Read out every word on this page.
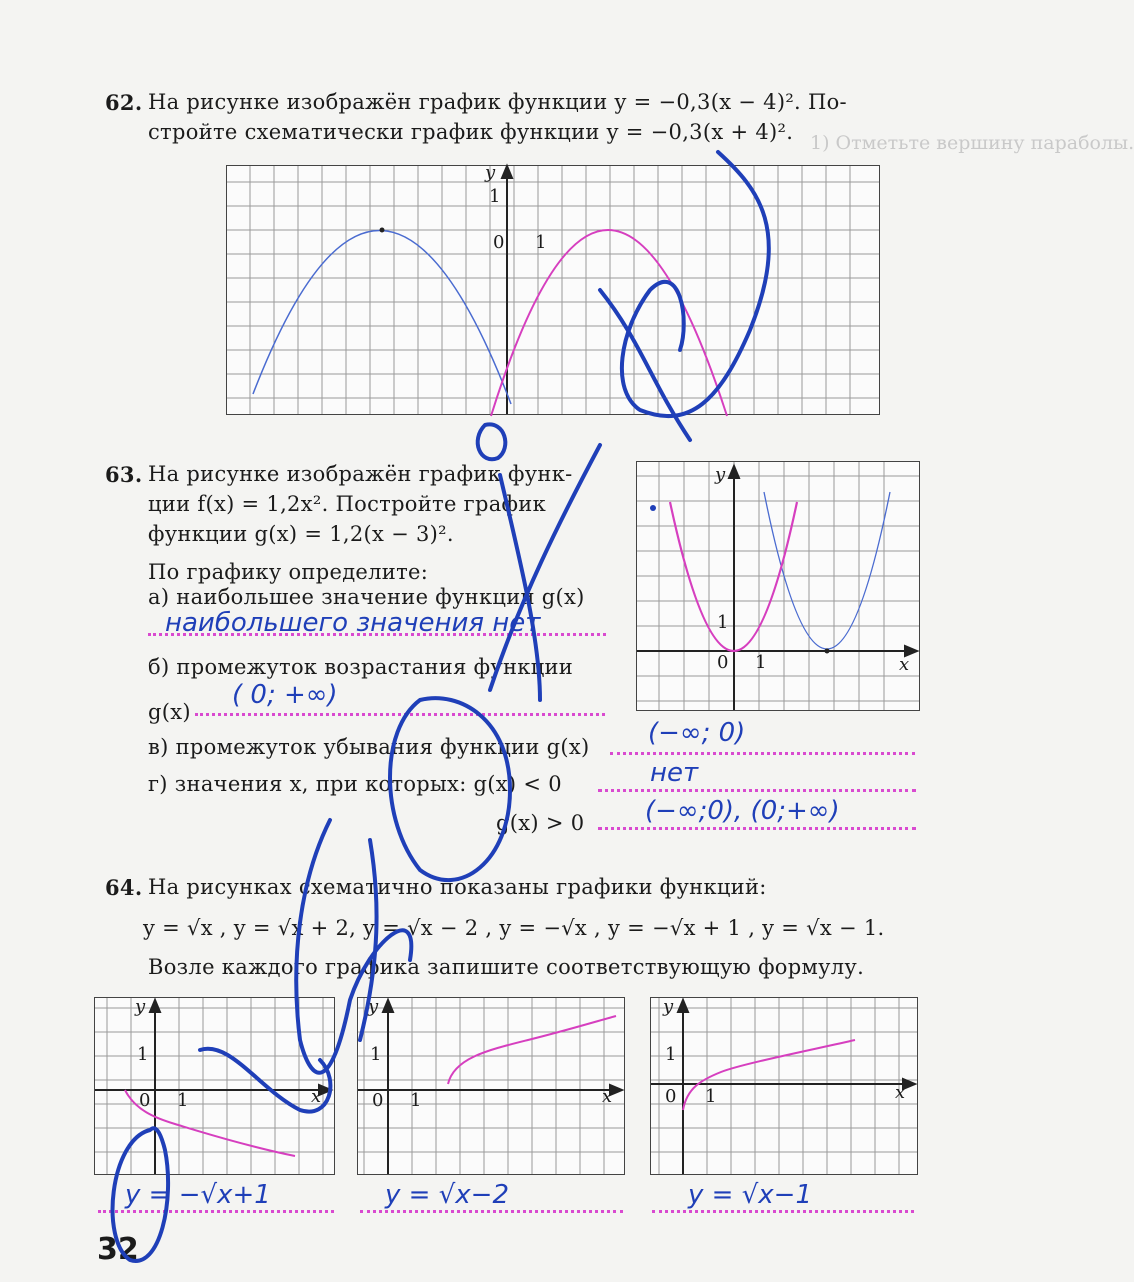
1) Отметьте вершину параболы.
62. На рисунке изображён график функции y = −0,3(x − 4)². По-
стройте схематически график функции y = −0,3(x + 4)².
y
1
0 1
63. На рисунке изображён график функ-
ции f(x) = 1,2x². Постройте график
функции g(x) = 1,2(x − 3)².
По графику определите:
а) наибольшее значение функции g(x)
б) промежуток возрастания функции
g(x)
в) промежуток убывания функции g(x)
г) значения x, при которых: g(x) < 0
g(x) > 0
y
x
1
0 1
64. На рисунках схематично показаны графики функций:
y = √x , y = √x + 2, y = √x − 2 , y = −√x , y = −√x + 1 , y = √x − 1.
Возле каждого графика запишите соответствующую формулу.
y
x
1
0 1
y
x
1
0 1
y
x
1
0 1
32
наибольшего значения нет
( 0; +∞)
(−∞; 0)
нет
(−∞;0), (0;+∞)
y = −√x+1	y = √x−2	y = √x−1
